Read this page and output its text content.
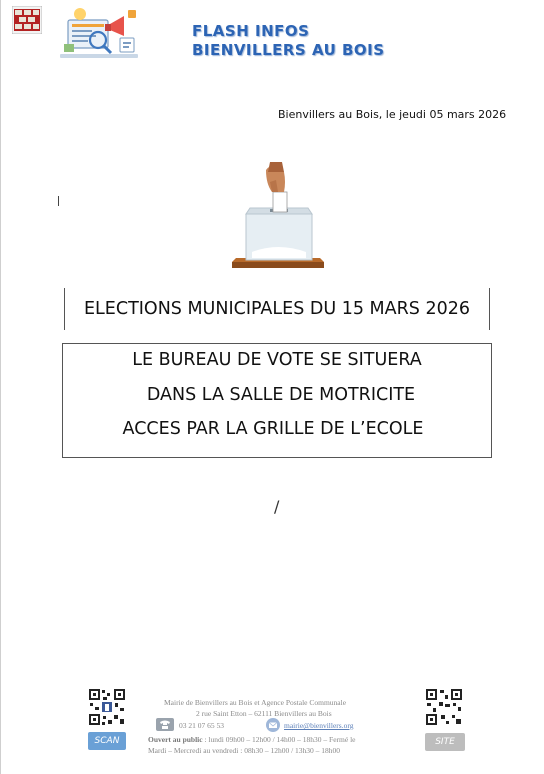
FLASH INFOS
BIENVILLERS AU BOIS
Bienvillers au Bois, le jeudi 05 mars 2026
ELECTIONS MUNICIPALES DU 15 MARS 2026
LE BUREAU DE VOTE SE SITUERA
DANS LA SALLE DE MOTRICITE
ACCES PAR LA GRILLE DE L’ECOLE
/
SCAN	SITE
Mairie de Bienvillers au Bois et Agence Postale Communale
2 rue Saint Etton – 62111 Bienvillers au Bois
03 21 07 65 53	mairie@bienvillers.org
Ouvert au public : lundi 09h00 – 12h00 / 14h00 – 18h30 – Fermé le
Mardi – Mercredi au vendredi : 08h30 – 12h00 / 13h30 – 18h00
